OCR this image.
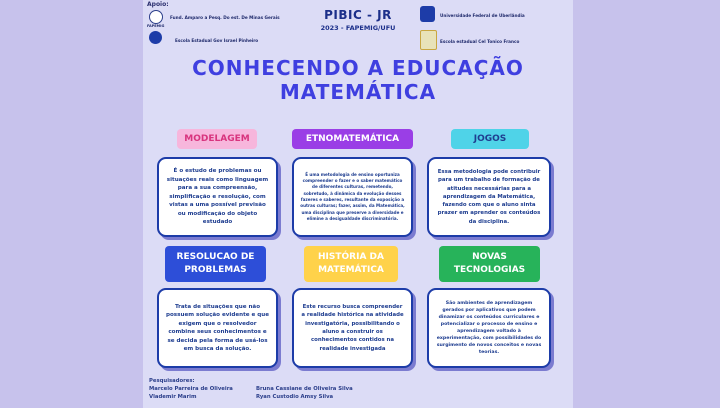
Apoio:
FAPEMIG
Fund. Amparo a Pesq. Do est. De Minas Gerais
Escola Estadual Gov Israel Pinheiro
Universidade Federal de Uberlândia
Escola estadual Cel Tonico Franco
PIBIC - JR
2023 - FAPEMIG/UFU
CONHECENDO A EDUCAÇÃO
MATEMÁTICA
MODELAGEM
É o estudo de problemas ou situações reais como linguagem para a sua compreensão, simplificação e resolução, com vistas a uma possível previsão ou modificação do objeto estudado
ETNOMATEMÁTICA
É uma metodologia de ensino oportuniza compreender o fazer e o saber matemático de diferentes culturas, remetendo, sobretudo, à dinâmica da evolução desses fazeres e saberes, resultante da exposição a outras culturas; fazer, assim, da Matemática, uma disciplina que preserve a diversidade e elimine a desigualdade discriminatória.
JOGOS
Essa metodologia pode contribuir para um trabalho de formação de atitudes necessárias para a aprendizagem da Matemática, fazendo com que o aluno sinta prazer em aprender os conteúdos da disciplina.
RESOLUCAO DE PROBLEMAS
Trata de situações que não possuem solução evidente e que exigem que o resolvedor combine seus conhecimentos e se decida pela forma de usá-los em busca da solução.
HISTÓRIA DA MATEMÁTICA
Este recurso busca compreender a realidade histórica na atividade investigatória, possibilitando o aluno a construir os conhecimentos contidos na realidade investigada
NOVAS TECNOLOGIAS
São ambientes de aprendizagem gerados por aplicativos que podem dinamizar os conteúdos curriculares e potencializar o processo de ensino e aprendizagem voltado à experimentação, com possibilidades do surgimento de novos conceitos e novas teorias.
Pesquisadores:
Marcelo Parreira de Oliveira
Vlademir Marim
Bruna Cassiane de Oliveira Silva
Ryan Custodio Amsy Silva
